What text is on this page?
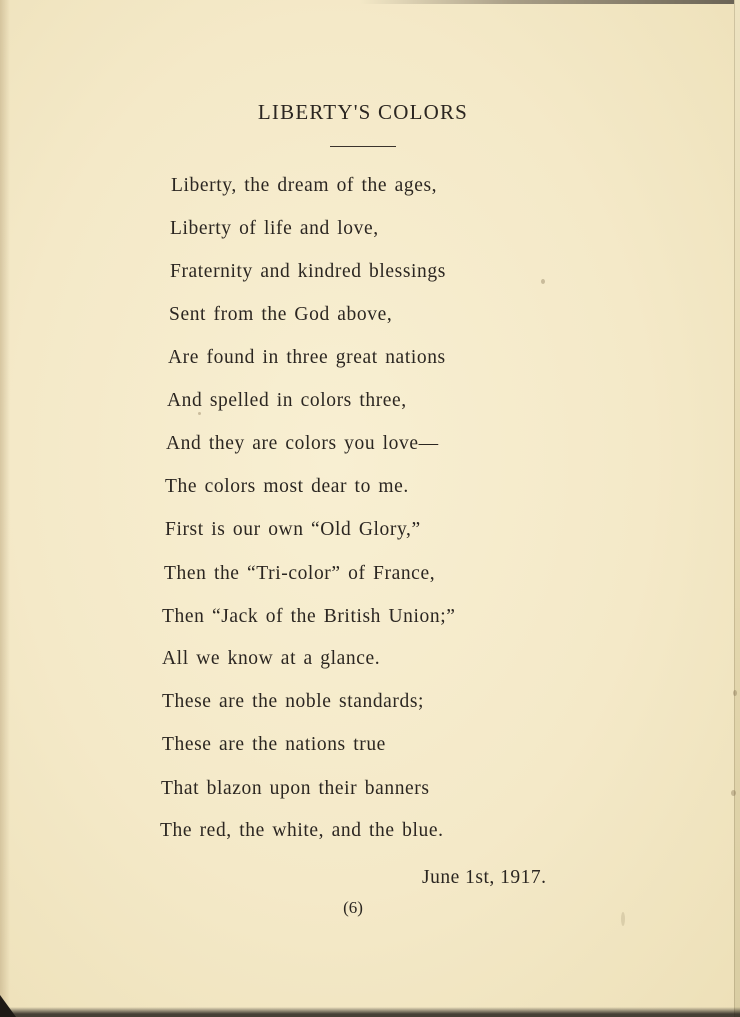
LIBERTY'S COLORS
Liberty, the dream of the ages,
Liberty of life and love,
Fraternity and kindred blessings
Sent from the God above,
Are found in three great nations
And spelled in colors three,
And they are colors you love—
The colors most dear to me.
First is our own “Old Glory,”
Then the “Tri-color” of France,
Then “Jack of the British Union;”
All we know at a glance.
These are the noble standards;
These are the nations true
That blazon upon their banners
The red, the white, and the blue.
June 1st, 1917.
(6)
